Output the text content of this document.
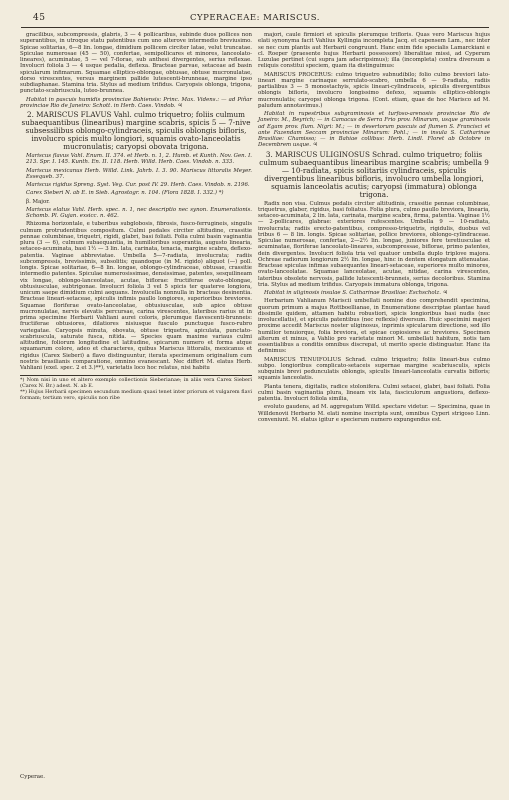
45	CYPERACEAE: MARISCUS.

gracilibus, subcompressis, glabris, 3 — 4 pollicaribus, subinde duos pollices non superantibus, in utroque statu patentibus cum uno alterove intermedio breviusimo. Spicae solitarias, 6—8 lin. longae, dimidium pollicem circiter latae, velut truncatae. Spiculae numerosae (45 — 50), confertae, semipollicares et minores, lanceolato-lineares), acuminatae, 5 — vel 7-florae, sub anthesi divergentes, serius reflexae. Involucri foliola 3 — 4 usque pedalia, deflexa. Bracteae parvae, setaceae ad basin spicularum infimarum. Squamae elliptico-oblongae, obtusae, obtuse mucronulatae, dorso virescentes, versus marginem pallide lutescenti-brunneae, margine ipso subdiaphanae. Stamina tria. Stylus ad medium trifidus. Caryopsis oblonga, trigona, punctato-scabriuscula, luteo-brunnea.

Habitat in pascuis humidis provinciae Bahiensis: Princ. Max. Videns.: — ad Piñar provinciae Rio de Janeiro: Schott. in Herb. Caes. Vindob. ♃

2. MARISCUS FLAVUS Vahl. culmo triquetro; foliis culmum subaequantibus (linearibus) margine scabris, spicis 5 — 7-nive subsessilibus oblongo-cylindraceis, spiculis oblongis bifloris, involucro spicis multo longiori, squamis ovato-lanceolatis mucronulatis; caryopsi obovata trigona.

Mariscus flavus Vahl. Enum. II. 374. et Herb. n. 1, 2. Humb. et Kunth. Nov. Gen. I. 213. Spr. I. 145. Kunth. En. II. 118. Herb. Willd. Herb. Caes. Vindob. n. 333.

Mariscus mexicanus Herb. Willd. Link. Jahrb. I. 3. 90. Mariscus littoralis Meyer. Essequeb. 37.

Mariscus rigidus Spreng. Syst. Veg. Cur. post IV. 29. Herb. Caes. Vindob. n. 2196.

Carex Sieberi N. ab E. in Sieb. Agrostogr. n. 104. (Flora 1828. I. 332.) *)

β. Major.

Mariscus elatus Vahl. Herb. spec. n. 1, nec descriptio nec synon. Enumerationis. Schomb. Pl. Gujan. exsicc. n. 462.

Rhizoma horizontale, e tuberibus subglobosis, fibrosis, fusco-ferrugineis, singulis culmum protrudentibus compositum. Culmi pedales circiter altitudine, crassitie pennae columbinae, triquetri, rigidi, glabri, basi foliati. Folia culmi basin vaginantia plura (3 — 6), culmum subaequantia, in humilioribus superantia, augusto linearia, setaceo-acuminata, basi 1½ — 3 lin. lata, carinata, tenacia, margine scabra, deflexo-patentia. Vaginae abbreviatae. Umbella 5—7-radiata, involucrata; radiis subcompressis, brevissimis, subsolitis; quandoque (in M. rigido) aliquot (—) poll. longis. Spicae solitariae, 6—8 lin. longae, oblongo-cylindraceae, obtusae, crassitie intermedio patentes. Spiculae numerosissimae, densissimae, patentes, sesquilineam vix longae, oblongo-lanceolatae, acutae, biflorae: fructiferae ovato-oblongae, obtusiusculae, subtrigonae. Involucri foliola 3 vel 5 spicis ter quaterve longiora, unicum saepe dimidium culmi aequans. Involucella nonnulla in bracteas desinentia. Bracteae lineari-setaceae, spiculis infimis paullo longiores, superioribus breviores. Squamae floriferae ovato-lanceolatae, obtusiusculae, sub apice obtuse mucronulatae, nervis elevatis percursae, carina virescentes, lateribus rarius ut in prima specimine Herbarii Vahliani aurei coloris, plerumque flavescenti-brunneis: fructiferae obtusiores, dilatiores nisiusque fusculo punctuque fusco-rubro variegatae. Caryopsis minuta, obovata, obtuse triquetra, apiculata, punctato-scabriuscula, saturate fusca, nitida. — Species quam maxime variaus culmi altitudine, foliorum longitudine et latitudine, spicarum numero et forma atque squamarum colore, adeo et characteres, quibus Mariscus littoralis, mexicanus et rigidus (Carex Sieberi) a flavo distinguuntur, iterata specimenum originalium cum nostris brasilianis comparatione, omnino evanescant. Nec differt M. elatus Herb. Vahliani (exel. spec. 2 et 3.)**), varietatis loco hoc relatus, nisi habitu

*) Nom nisi in uno et altero exemplo collectionis Sieberianae; in aliis vera Carex Sieberi (Carex N. Br.) adest. N. ab E.
**) Hujus Herbarii specimen secundum medium quasi tenet inter priorum et vulgarem flavi formam; tertium vero, spiculis non ribe

majori, caule firmiori et spiculis plerumque trifloris. Quas vero Mariscus hujus elati synonyma facit Vahlius Kyllingia incompleta Jacq. et capensem Lam., nec inter se nec cum plantis aut Herbarii congruunt. Hanc enim fide specialis Lamarckiani e cl. Roeper (praesente hujus Herbarii possessore) liberalitae missi, ad Cyperum Luzulae pertinet (cui supra jam adscripsimus); illa (incompleta) contra diversum a reliquis constitui speciem, quam ita distinguimus:

MARISCUS PROCERUS: culmo triquetro subnudibilo; folio culmo breviori lato-lineari margine carinaque serrulato-scabro, umbella 6 — 9-radiata, radiis partialibus 3 — 5 monostachyis, spicis lineari-cylindraceis, spiculis divergentibus oblongis bifloris, involucro longissimo defexo, squamis elliptico-oblongis mucronulatis; caryopsi oblonga trigona. (Cont. etiam, quae de hoc Marisco ad M. paludum annotavimus.)

Habitat in rupestribus subgraminosis et turfoso-arenosis provinciae Rio de Janeiro: M., Beyrich; — in Camacus de Serra Frio prov. Minarum, usque graminosis ad Egam prov. flum. Nigri: M.; — in desertorum pascuis ad flumen S. Francisci et ante Fazendam Seccam provinciae Minarum: Pohl.; — in insula S. Catharinae Brasiliae: Chamisso; — in Bahiae collibus: Herb. Lindl. Floret ab Octobre in Decembrem usque. ♃

3. MARISCUS ULIGINOSUS Schrad. culmo triquetro; foliis culmum subaequantibus linearibus margine scabris; umbella 9 — 10-radiata, spicis solitariis cylindraceis, spiculis divergentibus linearibus bifloris, involucro umbella longiori, squamis lanceolatis acutis; caryopsi (immatura) oblonga trigona.

Radix non visa. Culmus pedalis circiter altitudinis, crassitie pennae columbinae, triquetrus, glaber, rigidus, basi foliatus. Folia plura, culmo paullo breviora, linearia, setaceo-acuminata, 2 lin. lata, carinata, margine scabra, firma, patentia. Vaginae 1½ — 2-pollicares, glabrae: exteriores rufescentes. Umbella 9 — 10-radiata, involucrata; radiis erecto-patentibus, compresso-triquetris, rigidulis, duobus vel tribus 6 — 8 lin. longis. Spicae solitariae, pollice breviores, oblongo-cylindraceae. Spiculae numerosae, confertae, 2—2½ lin. longae, juniores fere teretiusculae et acuminatae, floriferae lanceolato-lineares, subcompressae, biflorae, primo patentes, dein divergentes. Involucri foliola tria vel quatuor umbella duplo triplove majora. Ochreae radiorum longiorum 2½ lin. longae, hinc in dentem elongatum attenuatae. Bracteae spiculas infimas subaequantes lineari-setaceae, superiores multo minores, ovato-lanceolatae. Squamae lanceolatae, acutae, nitidae, carina virescentes, lateribus obsolete nervosis, pallide lutescenti-brunneis, serius decoloribus. Stamina tria. Stylus ad medium trifidus. Caryopsis immatura oblonga, trigona.

Habitat in uliginosis insulae S. Catharinae Brasiliae: Eschscholz. ♃

Herbarium Vahlianum Mariscii umbellati nomine duo comprehendit specimina, quorum primum a majus Rottboellianae, in Enumeratione descriptae plantae haud dissimile quidem, attamen habitu robustiori, spicis longioribus basi nudis (nec involucellatis), et spiculis patentibus (nec reflexis) diversum. Huic specimini majori proxime accedit Mariscus noster uliginosus, inprimis spicularum directione, sed illo humilior tenuiorque, folia breviora, et spicae copiosiores ac breviores. Specimen alterum et minus, a Vahlio pro varietate minori M. umbellati habitum, notis tam essentialibus a conditis omnibus discrepat, ut merito specie distinguatur. Hanc ita definimus:

MARISCUS TENUIFOLIUS Schrad. culmo triquetro; foliis lineari-bus culmo subpo. longioribus complicato-setaceis supernae margine scabriusculis, spicis subquinis brevi pedunculatis oblongis, spiculis lineari-lanceolatis curvatis bifloris; squamis lanceolatis.

Planta tenera, digitalis, radice stolonifera. Culmi setacei, glabri, basi foliati. Folia culmi basin vaginantia plura, lineam vix lata, fasciculorum angustiora, deflexo-patentia. Involucri foliola similia,

evoluto gaudens, ad M. aggregatum Willd. spectare videtur. — Specimina, quae in Willdenovii Herbario M. elati nomine inscripta sunt, omnibus Cyperi strigoso Linn. conveniunt. M. elatus igitur e specierum numero expungendus est.

Cyperae.
